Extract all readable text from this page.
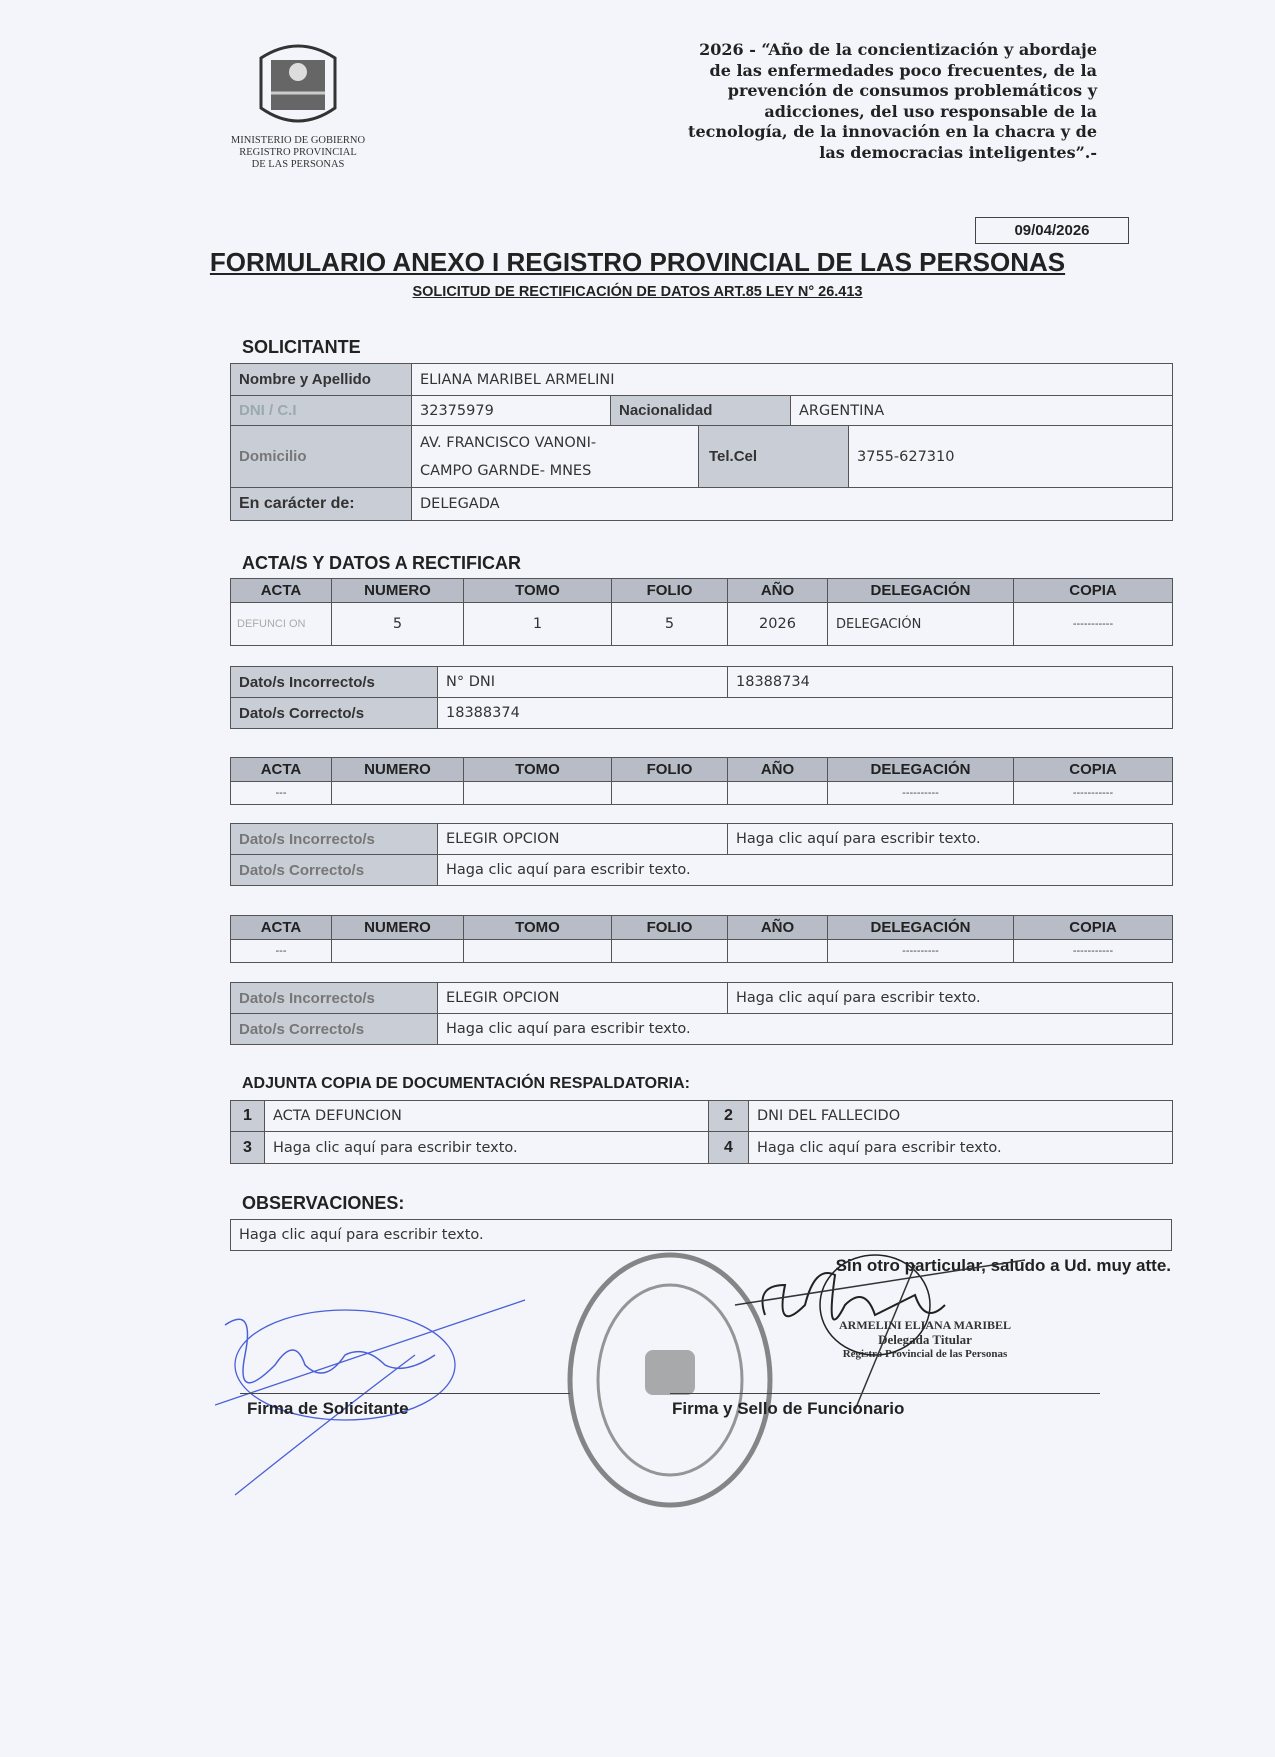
MINISTERIO DE GOBIERNO
REGISTRO PROVINCIAL
DE LAS PERSONAS
2026 - “Año de la concientización y abordaje
de las enfermedades poco frecuentes, de la
prevención de consumos problemáticos y
adicciones, del uso responsable de la
tecnología, de la innovación en la chacra y de
las democracias inteligentes”.-
09/04/2026
FORMULARIO ANEXO I REGISTRO PROVINCIAL DE LAS PERSONAS
SOLICITUD DE RECTIFICACIÓN DE DATOS ART.85 LEY N° 26.413
SOLICITANTE
Nombre y Apellido	ELIANA MARIBEL ARMELINI				
DNI / C.I	32375979	Nacionalidad		ARGENTINA	
Domicilio	AV. FRANCISCO VANONI-
CAMPO GARNDE- MNES		Tel.Cel		3755-627310
En carácter de:	DELEGADA				
ACTA/S Y DATOS A RECTIFICAR
ACTA	NUMERO	TOMO	FOLIO	AÑO	DELEGACIÓN	COPIA
DEFUNCI ON	5	1	5	2026	DELEGACIÓN	-----------
Dato/s Incorrecto/s	N° DNI	18388734
Dato/s Correcto/s	18388374	
ACTA	NUMERO	TOMO	FOLIO	AÑO	DELEGACIÓN	COPIA
---					----------	-----------
Dato/s Incorrecto/s	ELEGIR OPCION	Haga clic aquí para escribir texto.
Dato/s Correcto/s	Haga clic aquí para escribir texto.	
ACTA	NUMERO	TOMO	FOLIO	AÑO	DELEGACIÓN	COPIA
---					----------	-----------
Dato/s Incorrecto/s	ELEGIR OPCION	Haga clic aquí para escribir texto.
Dato/s Correcto/s	Haga clic aquí para escribir texto.	
ADJUNTA COPIA DE DOCUMENTACIÓN RESPALDATORIA:
1	ACTA DEFUNCION	2	DNI DEL FALLECIDO
3	Haga clic aquí para escribir texto.	4	Haga clic aquí para escribir texto.
OBSERVACIONES:
Haga clic aquí para escribir texto.
Sin otro particular, saludo a Ud. muy atte.
ARMELINI ELIANA MARIBEL
Delegada Titular
Registro Provincial de las Personas
Firma de Solicitante	Firma y Sello de Funcionario
